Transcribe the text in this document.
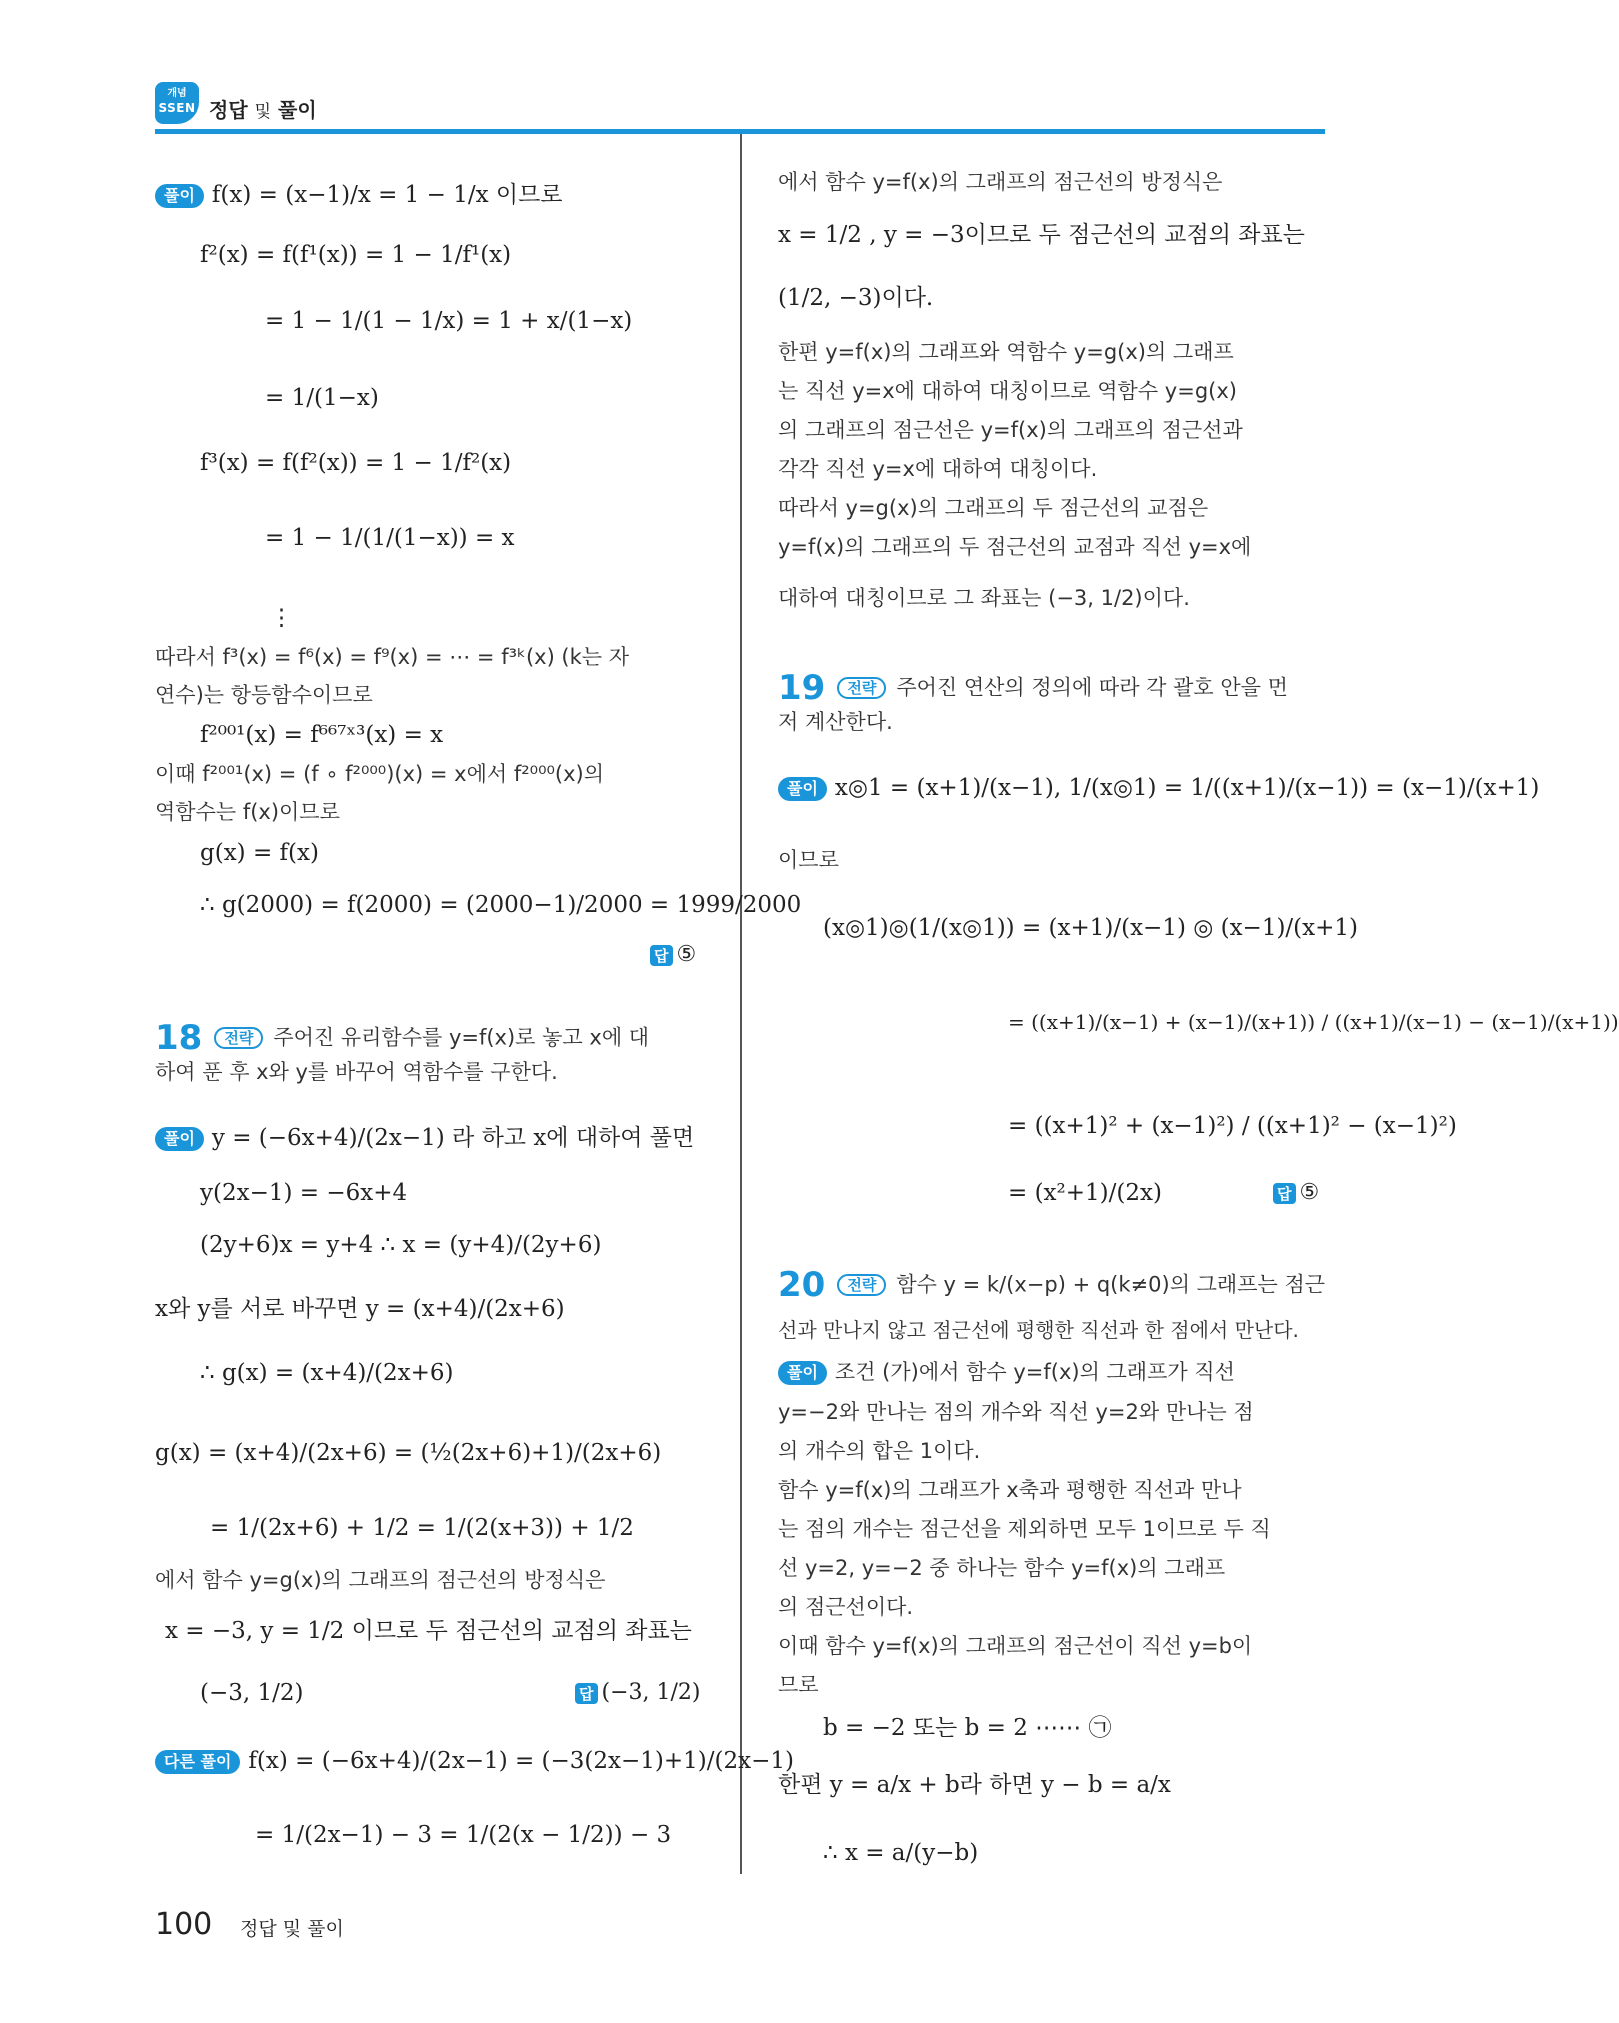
개념
SSEN 정답 및 풀이
풀이 f(x) = (x−1)/x = 1 − 1/x 이므로
f²(x) = f(f¹(x)) = 1 − 1/f¹(x)
= 1 − 1/(1 − 1/x) = 1 + x/(1−x)
= 1/(1−x)
f³(x) = f(f²(x)) = 1 − 1/f²(x)
= 1 − 1/(1/(1−x)) = x
⋮
따라서 f³(x) = f⁶(x) = f⁹(x) = ⋯ = f³ᵏ(x) (k는 자
연수)는 항등함수이므로
f²⁰⁰¹(x) = f⁶⁶⁷ˣ³(x) = x
이때 f²⁰⁰¹(x) = (f ∘ f²⁰⁰⁰)(x) = x에서 f²⁰⁰⁰(x)의
역함수는 f(x)이므로
g(x) = f(x)
∴ g(2000) = f(2000) = (2000−1)/2000 = 1999/2000
답 ⑤
18 전략 주어진 유리함수를 y=f(x)로 놓고 x에 대
하여 푼 후 x와 y를 바꾸어 역함수를 구한다.
풀이 y = (−6x+4)/(2x−1) 라 하고 x에 대하여 풀면
y(2x−1) = −6x+4
(2y+6)x = y+4 ∴ x = (y+4)/(2y+6)
x와 y를 서로 바꾸면 y = (x+4)/(2x+6)
∴ g(x) = (x+4)/(2x+6)
g(x) = (x+4)/(2x+6) = (½(2x+6)+1)/(2x+6)
= 1/(2x+6) + 1/2 = 1/(2(x+3)) + 1/2
에서 함수 y=g(x)의 그래프의 점근선의 방정식은
x = −3, y = 1/2 이므로 두 점근선의 교점의 좌표는
(−3, 1/2)	답 (−3, 1/2)
다른 풀이 f(x) = (−6x+4)/(2x−1) = (−3(2x−1)+1)/(2x−1)
= 1/(2x−1) − 3 = 1/(2(x − 1/2)) − 3
에서 함수 y=f(x)의 그래프의 점근선의 방정식은
x = 1/2 , y = −3이므로 두 점근선의 교점의 좌표는
(1/2, −3)이다.
한편 y=f(x)의 그래프와 역함수 y=g(x)의 그래프
는 직선 y=x에 대하여 대칭이므로 역함수 y=g(x)
의 그래프의 점근선은 y=f(x)의 그래프의 점근선과
각각 직선 y=x에 대하여 대칭이다.
따라서 y=g(x)의 그래프의 두 점근선의 교점은
y=f(x)의 그래프의 두 점근선의 교점과 직선 y=x에
대하여 대칭이므로 그 좌표는 (−3, 1/2)이다.
19 전략 주어진 연산의 정의에 따라 각 괄호 안을 먼
저 계산한다.
풀이 x◎1 = (x+1)/(x−1), 1/(x◎1) = 1/((x+1)/(x−1)) = (x−1)/(x+1)
이므로
(x◎1)◎(1/(x◎1)) = (x+1)/(x−1) ◎ (x−1)/(x+1)
= ((x+1)/(x−1) + (x−1)/(x+1)) / ((x+1)/(x−1) − (x−1)/(x+1))
= ((x+1)² + (x−1)²) / ((x+1)² − (x−1)²)
= (x²+1)/(2x)	답 ⑤
20 전략 함수 y = k/(x−p) + q(k≠0)의 그래프는 점근
선과 만나지 않고 점근선에 평행한 직선과 한 점에서 만난다.
풀이 조건 (가)에서 함수 y=f(x)의 그래프가 직선
y=−2와 만나는 점의 개수와 직선 y=2와 만나는 점
의 개수의 합은 1이다.
함수 y=f(x)의 그래프가 x축과 평행한 직선과 만나
는 점의 개수는 점근선을 제외하면 모두 1이므로 두 직
선 y=2, y=−2 중 하나는 함수 y=f(x)의 그래프
의 점근선이다.
이때 함수 y=f(x)의 그래프의 점근선이 직선 y=b이
므로
b = −2 또는 b = 2 ⋯⋯ ㉠
한편 y = a/x + b라 하면 y − b = a/x
∴ x = a/(y−b)
100 정답 및 풀이
